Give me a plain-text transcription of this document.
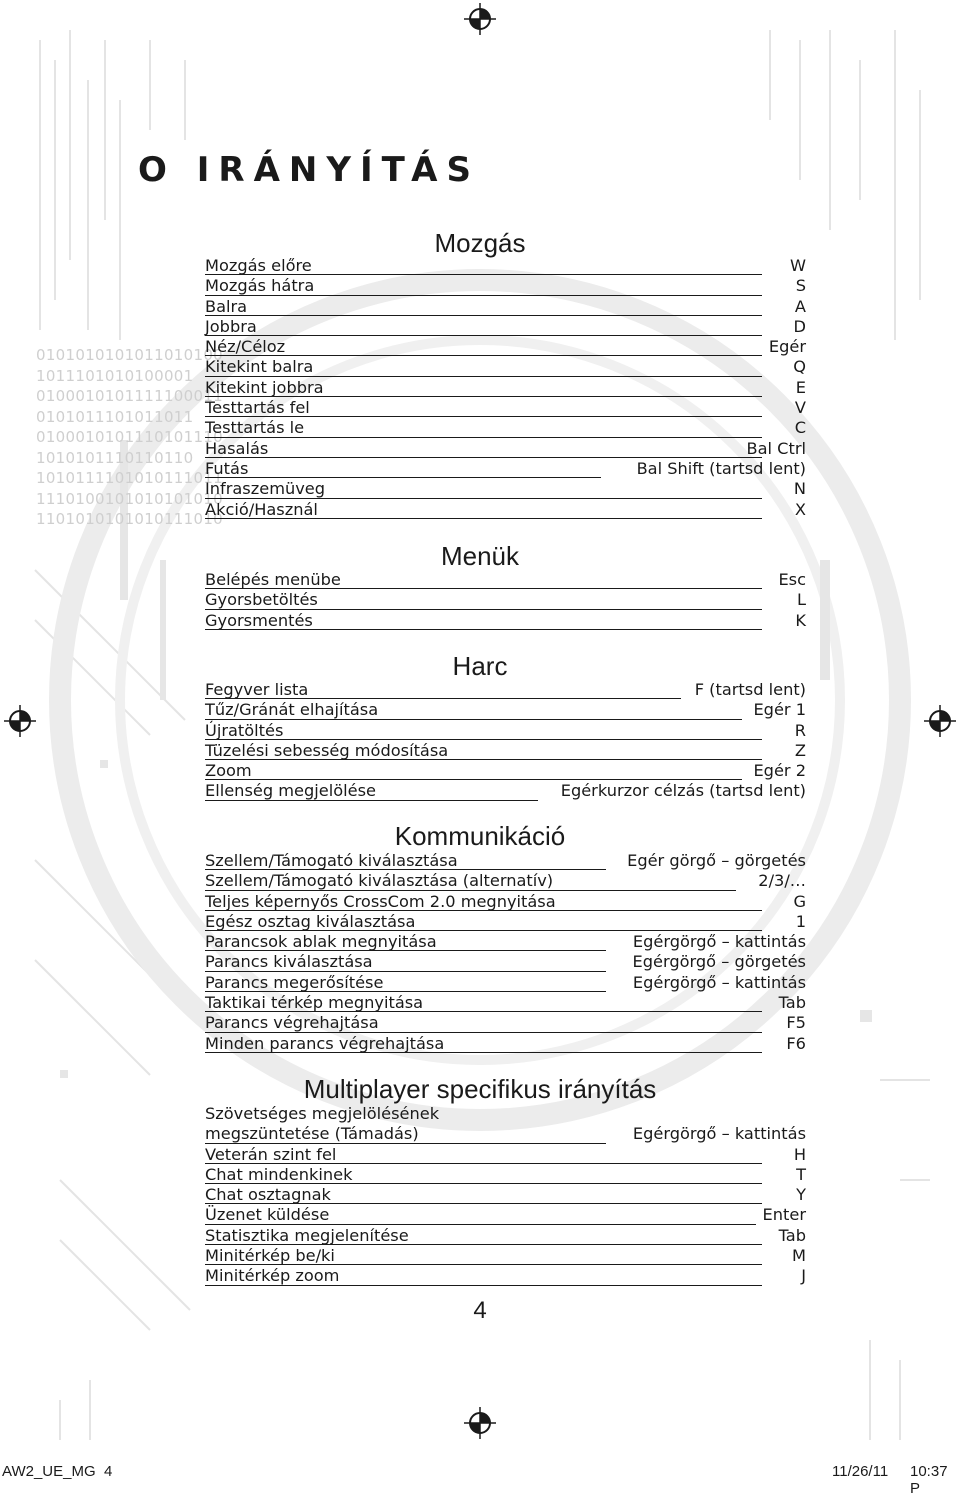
0101010101011010100
1011101010100001
0100010101111100011
0101011101011011
0100010101110101110
1010101110110110
1010111101010111011
1110100101010101010
1101010101010111010
O IRÁNYÍTÁS
Mozgás
Mozgás előre	W
Mozgás hátra	S
Balra	A
Jobbra	D
Néz/Céloz	Egér
Kitekint balra	Q
Kitekint jobbra	E
Testtartás fel	V
Testtartás le	C
Hasalás	Bal Ctrl
Futás	Bal Shift (tartsd lent)
Infraszemüveg	N
Akció/Használ	X
Menük
Belépés menübe	Esc
Gyorsbetöltés	L
Gyorsmentés	K
Harc
Fegyver lista	F (tartsd lent)
Tűz/Gránát elhajítása	Egér 1
Újratöltés	R
Tüzelési sebesség módosítása	Z
Zoom	Egér 2
Ellenség megjelölése	Egérkurzor célzás (tartsd lent)
Kommunikáció
Szellem/Támogató kiválasztása	Egér görgő – görgetés
Szellem/Támogató kiválasztása (alternatív)	2/3/…
Teljes képernyős CrossCom 2.0 megnyitása	G
Egész osztag kiválasztása	1
Parancsok ablak megnyitása	Egérgörgő – kattintás
Parancs kiválasztása	Egérgörgő – görgetés
Parancs megerősítése	Egérgörgő – kattintás
Taktikai térkép megnyitása	Tab
Parancs végrehajtása	F5
Minden parancs végrehajtása	F6
Multiplayer specifikus irányítás
Szövetséges megjelölésének
megszüntetése (Támadás)	Egérgörgő – kattintás
Veterán szint fel	H
Chat mindenkinek	T
Chat osztagnak	Y
Üzenet küldése	Enter
Statisztika megjelenítése	Tab
Minitérkép be/ki	M
Minitérkép zoom	J
4
AW2_UE_MG  4	11/26/11 10:37 P
